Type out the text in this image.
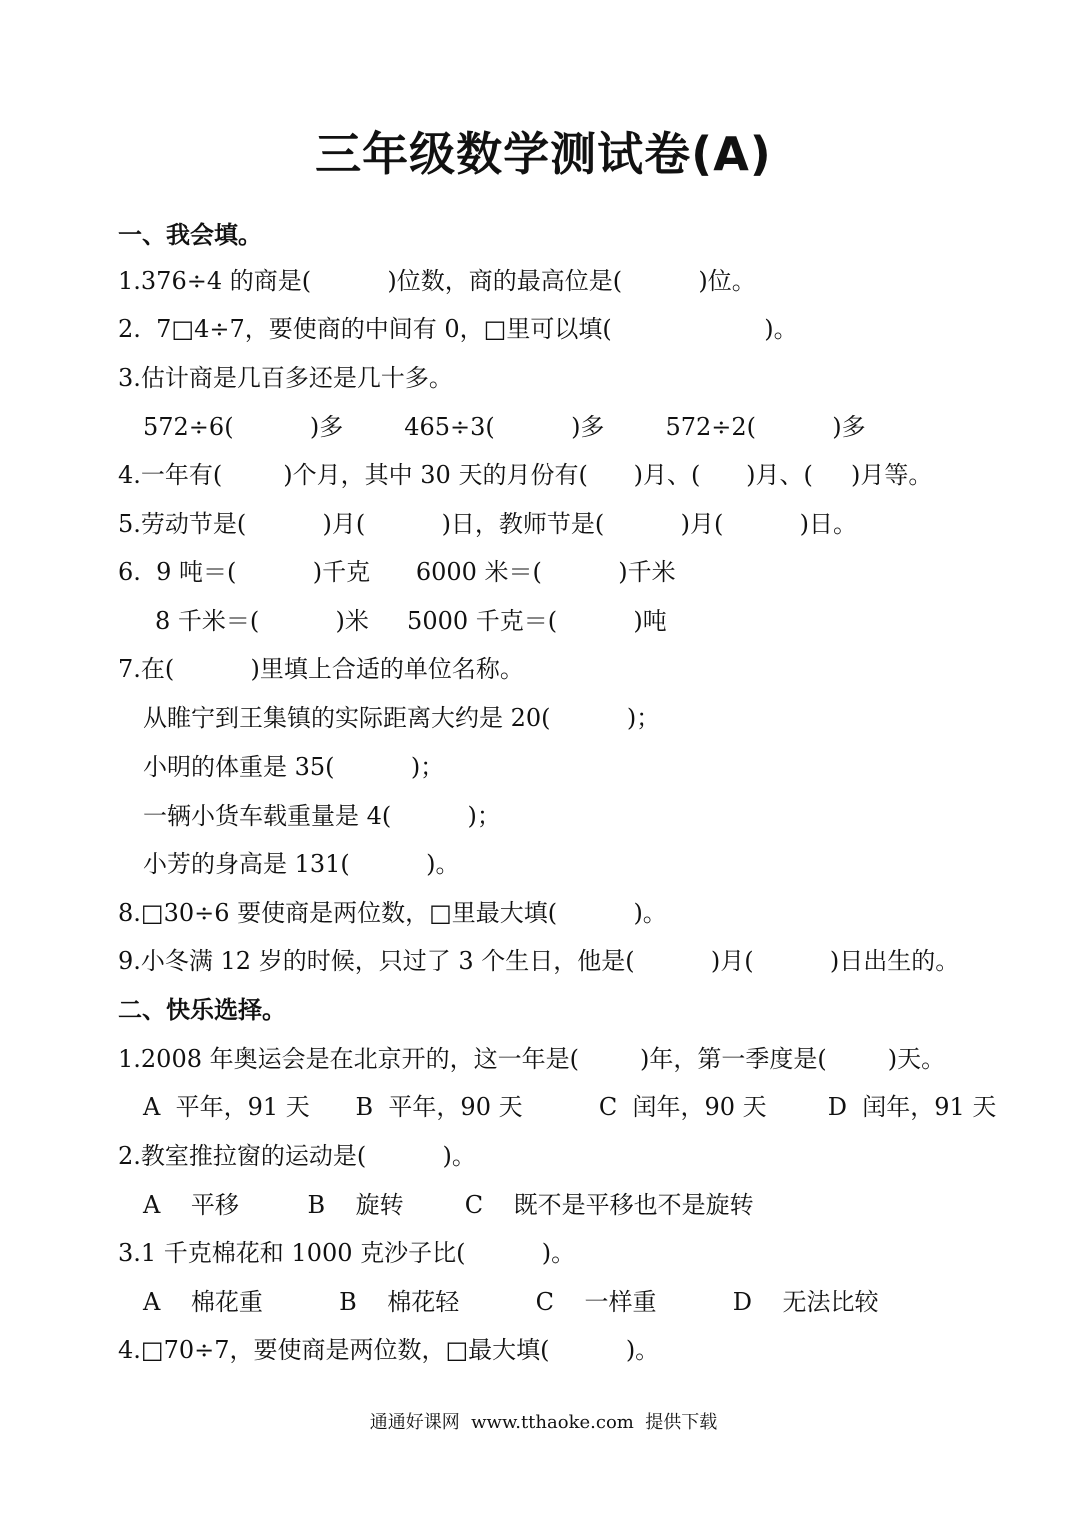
三年级数学测试卷(A)
一、我会填。
1.376÷4 的商是(          )位数，商的最高位是(          )位。
2.  7□4÷7，要使商的中间有 0，□里可以填(                    )。
3.估计商是几百多还是几十多。
572÷6(          )多        465÷3(          )多        572÷2(          )多
4.一年有(        )个月，其中 30 天的月份有(      )月、(      )月、(     )月等。
5.劳动节是(          )月(          )日，教师节是(          )月(          )日。
6.  9 吨＝(          )千克      6000 米＝(          )千米
8 千米＝(          )米     5000 千克＝(          )吨
7.在(          )里填上合适的单位名称。
从睢宁到王集镇的实际距离大约是 20(          )；
小明的体重是 35(          )；
一辆小货车载重量是 4(          )；
小芳的身高是 131(          )。
8.□30÷6 要使商是两位数，□里最大填(          )。
9.小冬满 12 岁的时候，只过了 3 个生日，他是(          )月(          )日出生的。
二、快乐选择。
1.2008 年奥运会是在北京开的，这一年是(        )年，第一季度是(        )天。
A  平年，91 天      B  平年，90 天          C  闰年，90 天        D  闰年，91 天
2.教室推拉窗的运动是(          )。
A    平移         B    旋转        C    既不是平移也不是旋转
3.1 千克棉花和 1000 克沙子比(          )。
A    棉花重          B    棉花轻          C    一样重          D    无法比较
4.□70÷7，要使商是两位数，□最大填(          )。
通通好课网  www.tthaoke.com  提供下载
